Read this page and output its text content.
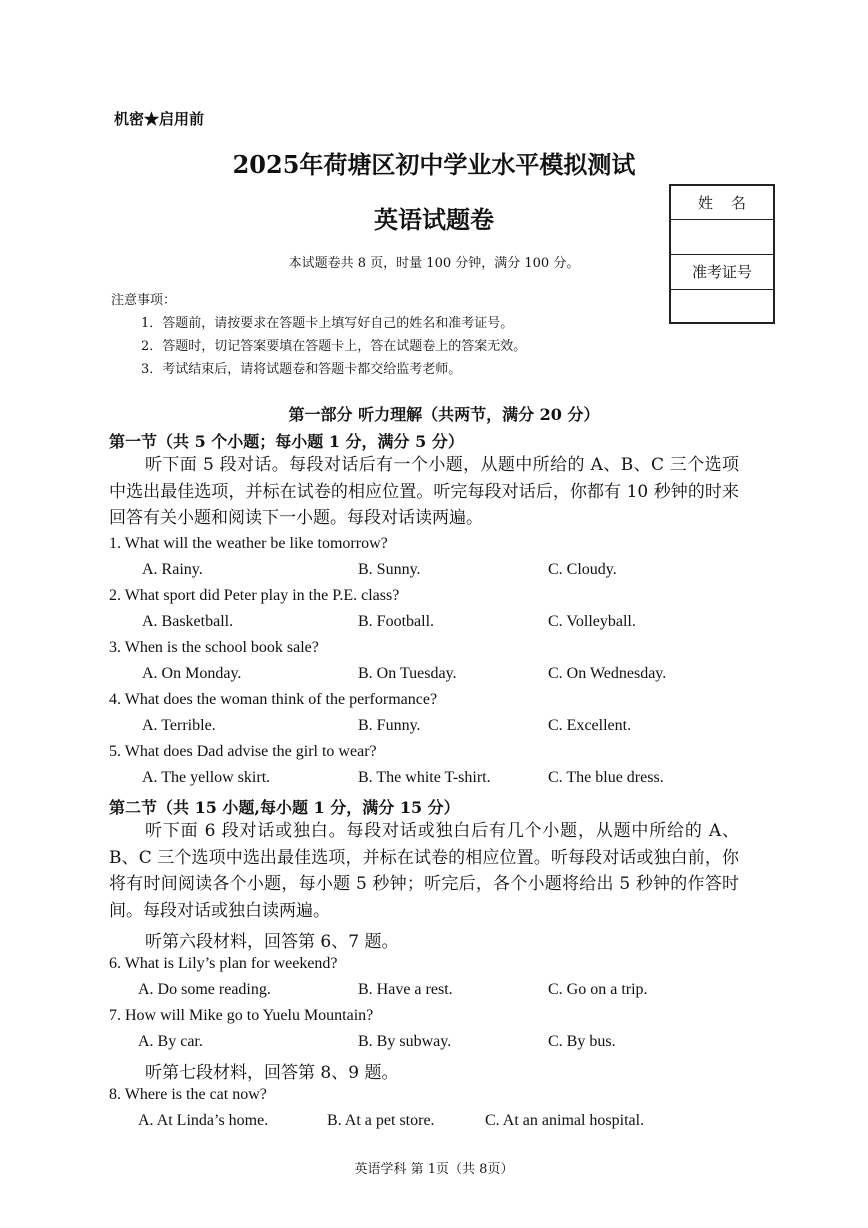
机密★启用前
2025年荷塘区初中学业水平模拟测试
英语试题卷
本试题卷共 8 页，时量 100 分钟，满分 100 分。
姓名
准考证号
注意事项：
1．答题前，请按要求在答题卡上填写好自己的姓名和准考证号。
2．答题时，切记答案要填在答题卡上，答在试题卷上的答案无效。
3．考试结束后，请将试题卷和答题卡都交给监考老师。
第一部分 听力理解（共两节，满分 20 分）
第一节（共 5 个小题；每小题 1 分，满分 5 分）
听下面 5 段对话。每段对话后有一个小题，从题中所给的 A、B、C 三个选项中选出最佳选项，并标在试卷的相应位置。听完每段对话后，你都有 10 秒钟的时来回答有关小题和阅读下一小题。每段对话读两遍。
1. What will the weather be like tomorrow?
A. Rainy.	B. Sunny.	C. Cloudy.
2. What sport did Peter play in the P.E. class?
A. Basketball.	B. Football.	C. Volleyball.
3. When is the school book sale?
A. On Monday.	B. On Tuesday.	C. On Wednesday.
4. What does the woman think of the performance?
A. Terrible.	B. Funny.	C. Excellent.
5. What does Dad advise the girl to wear?
A. The yellow skirt.	B. The white T-shirt.	C. The blue dress.
第二节（共 15 小题,每小题 1 分，满分 15 分）
听下面 6 段对话或独白。每段对话或独白后有几个小题，从题中所给的 A、B、C 三个选项中选出最佳选项，并标在试卷的相应位置。听每段对话或独白前，你将有时间阅读各个小题，每小题 5 秒钟；听完后，各个小题将给出 5 秒钟的作答时间。每段对话或独白读两遍。
听第六段材料，回答第 6、7 题。
6. What is Lily’s plan for weekend?
A. Do some reading.	B. Have a rest.	C. Go on a trip.
7. How will Mike go to Yuelu Mountain?
A. By car.	B. By subway.	C. By bus.
听第七段材料，回答第 8、9 题。
8. Where is the cat now?
A. At Linda’s home.	B. At a pet store.	C. At an animal hospital.
英语学科 第 1页（共 8页）
